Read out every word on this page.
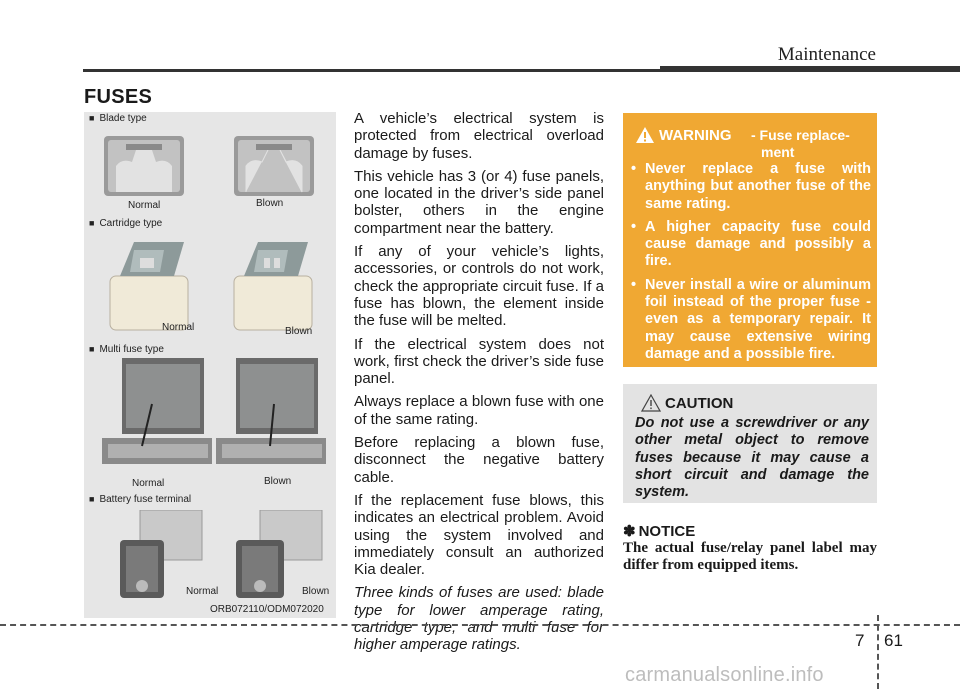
Maintenance
FUSES
■ Blade type
Normal	Blown
■ Cartridge type
Normal	Blown
■ Multi fuse type
Normal	Blown
■ Battery fuse terminal
Normal	Blown
ORB072110/ODM072020

A vehicle’s electrical system is protected from electrical overload damage by fuses.

This vehicle has 3 (or 4) fuse panels, one located in the driver’s side panel bolster, others in the engine compartment near the battery.

If any of your vehicle’s lights, accessories, or controls do not work, check the appropriate circuit fuse. If a fuse has blown, the element inside the fuse will be melted.

If the electrical system does not work, first check the driver’s side fuse panel.

Always replace a blown fuse with one of the same rating.

Before replacing a blown fuse, disconnect the negative battery cable.

If the replacement fuse blows, this indicates an electrical problem. Avoid using the system involved and immediately consult an authorized Kia dealer.

Three kinds of fuses are used: blade type for lower amperage rating, cartridge type, and multi fuse for higher amperage ratings.

WARNING - Fuse replace-
ment
• Never replace a fuse with anything but another fuse of the same rating.
• A higher capacity fuse could cause damage and possibly a fire.
• Never install a wire or aluminum foil instead of the proper fuse - even as a temporary repair. It may cause extensive wiring damage and a possible fire.
CAUTION
Do not use a screwdriver or any other metal object to remove fuses because it may cause a short circuit and damage the system.
✽ NOTICE
The actual fuse/relay panel label may differ from equipped items.
7 61
carmanualsonline.info
